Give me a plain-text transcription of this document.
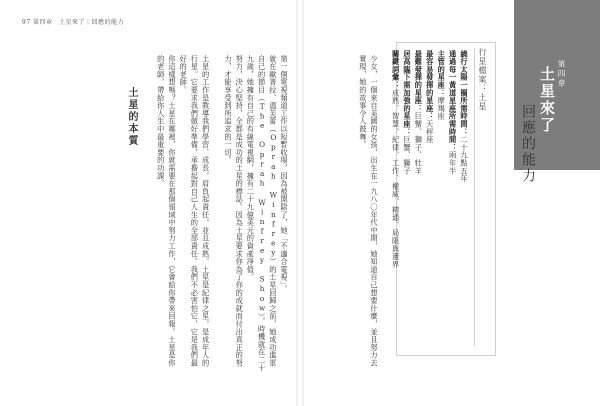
97 第四章　土星來了｜回應的能力

第一個電視頻道工作以短暫收場，因為被開除了，她「不適合電視」。

就在歐普拉、溫芙蕾（Oprah Winfrey）的土星回歸之前，她成功進軍自己的節目（The Oprah Winfrey Show），時機就在二十九歲，她擁有自己的有線電視網，擁有二十九億美元的資產淨值。

努力，決心堅持，全都是成功的土星的標誌。因為土星要求你為了你的成就而付出真正的努力，才能享受到所追求的一切。

土星的工作是教導我們學習、成長，肩負起責任，並且成熟。土星是紀律之星，是成年人的行星。它要求我們做好準備，承擔起對自己人生的全部責任。我們不必害怕它，它是我們最好的老師。

你這樣想嗎？土星在哪裡，你就需要在那個領域中努力工作，它會給你帶來回報。土星是你的老師，帶給你人生中最重要的功課。

土星的本質	少女，一個來自美國的女孩，出生在一九八〇年代中期，她知道自己想要什麼，並且努力去實現，她的故事令人鼓舞。	行星檔案：土星
繞行太陽一圈所需時間：二十九點五年
通過每一黃道星座所需時間：兩年半
主管的星座：摩羯座
最容易發揮的星座：天秤座
最難發揮的星座：巨蟹、獅子、牡羊
居高臨下需加強的星座：巨蟹、獅子
關鍵詞彙：成熟、智慧、紀律、工作、權威、精通、局限與邊界
第四章
土星來了
回應的能力
